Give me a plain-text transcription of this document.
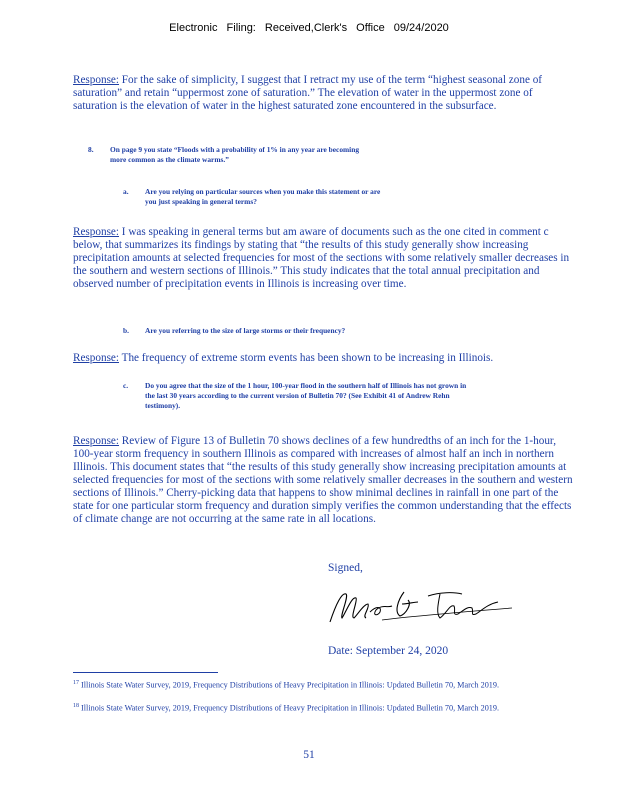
Electronic Filing: Received,Clerk's Office 09/24/2020
Response: For the sake of simplicity, I suggest that I retract my use of the term “highest seasonal zone of saturation” and retain “uppermost zone of saturation.” The elevation of water in the uppermost zone of saturation is the elevation of water in the highest saturated zone encountered in the subsurface.
8. On page 9 you state “Floods with a probability of 1% in any year are becoming more common as the climate warms.”
a. Are you relying on particular sources when you make this statement or are you just speaking in general terms?
Response: I was speaking in general terms but am aware of documents such as the one cited in comment c below, that summarizes its findings by stating that “the results of this study generally show increasing precipitation amounts at selected frequencies for most of the sections with some relatively smaller decreases in the southern and western sections of Illinois.” This study indicates that the total annual precipitation and observed number of precipitation events in Illinois is increasing over time.
b. Are you referring to the size of large storms or their frequency?
Response: The frequency of extreme storm events has been shown to be increasing in Illinois.
c. Do you agree that the size of the 1 hour, 100-year flood in the southern half of Illinois has not grown in the last 30 years according to the current version of Bulletin 70? (See Exhibit 41 of Andrew Rehn testimony).
Response: Review of Figure 13 of Bulletin 70 shows declines of a few hundredths of an inch for the 1-hour, 100-year storm frequency in southern Illinois as compared with increases of almost half an inch in northern Illinois. This document states that “the results of this study generally show increasing precipitation amounts at selected frequencies for most of the sections with some relatively smaller decreases in the southern and western sections of Illinois.” Cherry-picking data that happens to show minimal declines in rainfall in one part of the state for one particular storm frequency and duration simply verifies the common understanding that the effects of climate change are not occurring at the same rate in all locations.
Signed,
Date: September 24, 2020
$^{17}$ Illinois State Water Survey, 2019, Frequency Distributions of Heavy Precipitation in Illinois: Updated Bulletin 70, March 2019.
$^{18}$ Illinois State Water Survey, 2019, Frequency Distributions of Heavy Precipitation in Illinois: Updated Bulletin 70, March 2019.
51
